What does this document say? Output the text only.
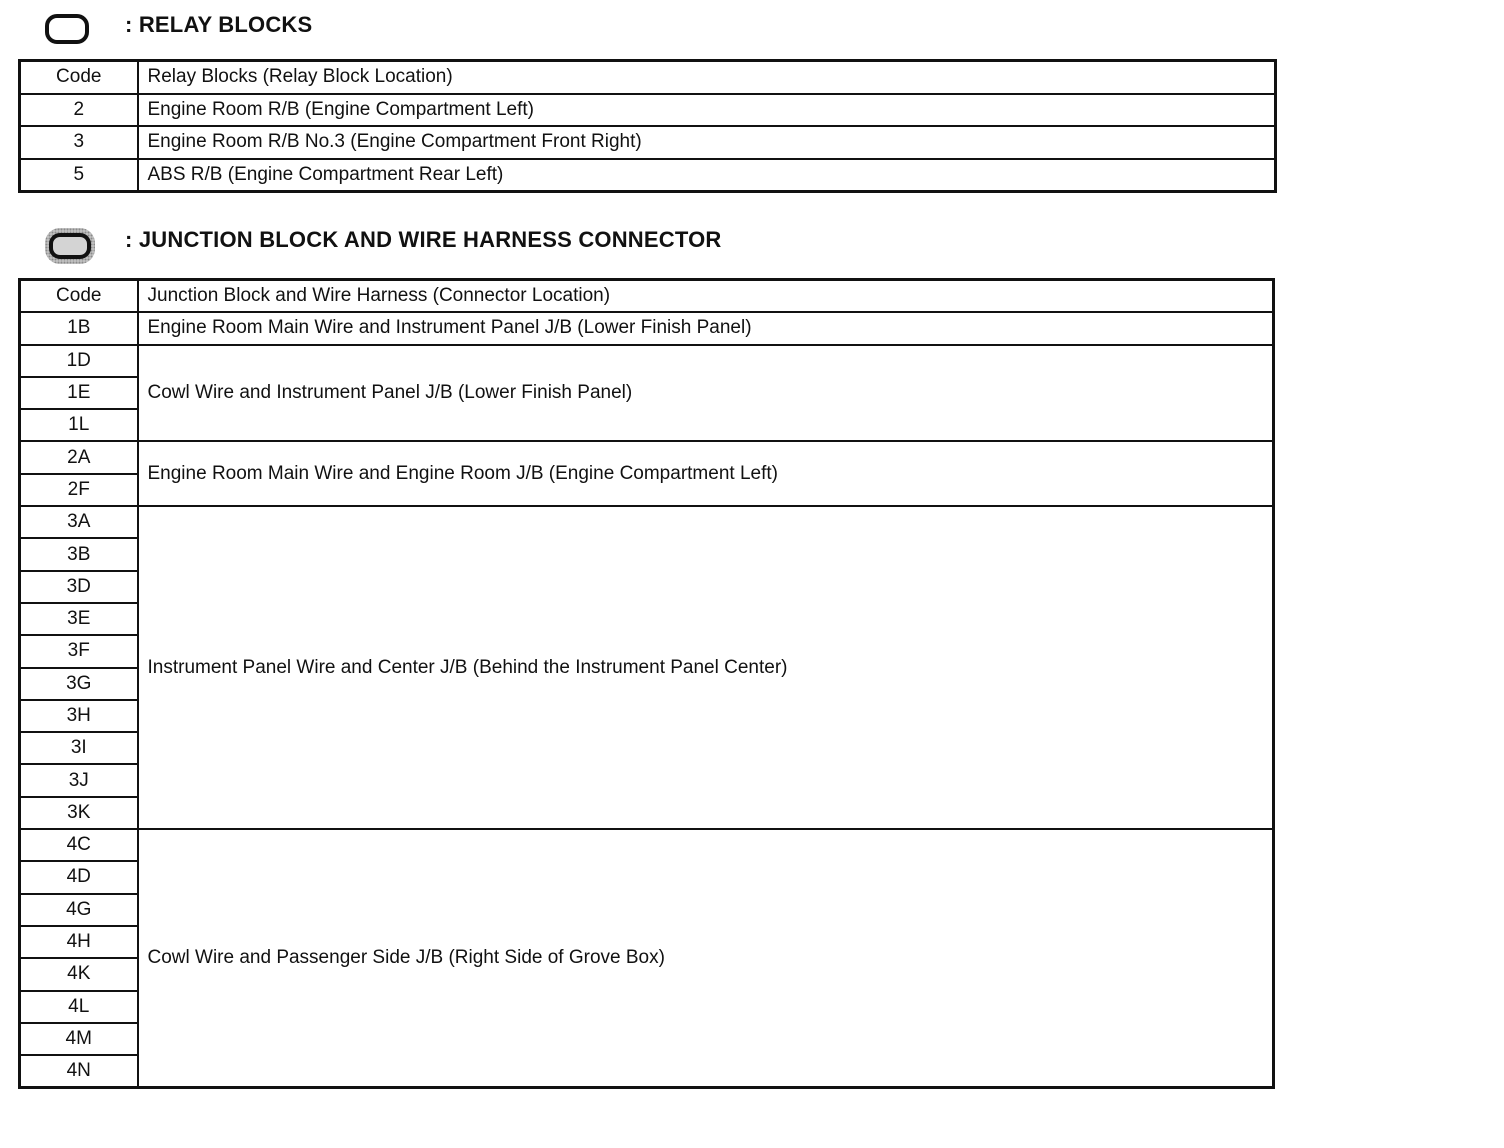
: RELAY BLOCKS
Code	Relay Blocks (Relay Block Location)
2	Engine Room R/B (Engine Compartment Left)
3	Engine Room R/B No.3 (Engine Compartment Front Right)
5	ABS R/B (Engine Compartment Rear Left)
: JUNCTION BLOCK AND WIRE HARNESS CONNECTOR
Code	Junction Block and Wire Harness (Connector Location)
1B	Engine Room Main Wire and Instrument Panel J/B (Lower Finish Panel)
1D	Cowl Wire and Instrument Panel J/B (Lower Finish Panel)
1E	
1L	
2A	Engine Room Main Wire and Engine Room J/B (Engine Compartment Left)
2F	
3A	Instrument Panel Wire and Center J/B (Behind the Instrument Panel Center)
3B	
3D	
3E	
3F	
3G	
3H	
3I	
3J	
3K	
4C	Cowl Wire and Passenger Side J/B (Right Side of Grove Box)
4D	
4G	
4H	
4K	
4L	
4M	
4N	
